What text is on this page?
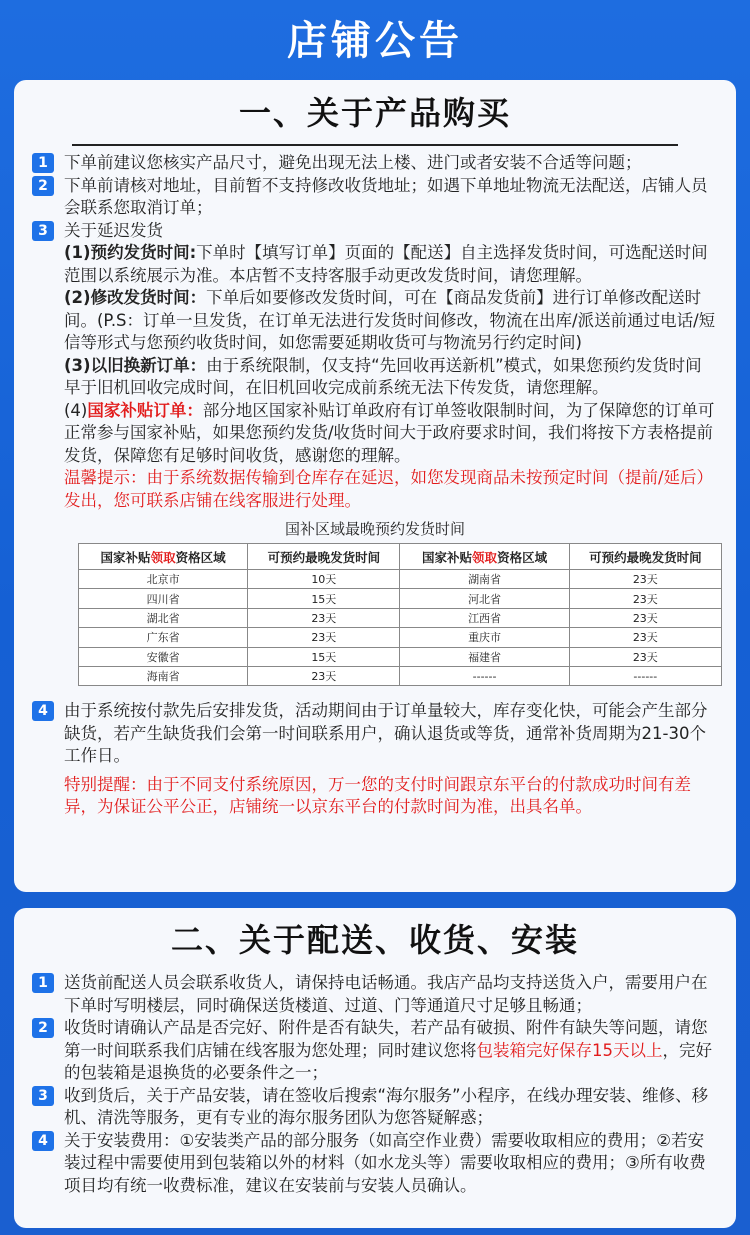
店铺公告
一、关于产品购买
1 下单前建议您核实产品尺寸，避免出现无法上楼、进门或者安装不合适等问题；
2 下单前请核对地址，目前暂不支持修改收货地址；如遇下单地址物流无法配送，店铺人员会联系您取消订单；
3 关于延迟发货
(1)预约发货时间:下单时【填写订单】页面的【配送】自主选择发货时间，可选配送时间范围以系统展示为准。本店暂不支持客服手动更改发货时间，请您理解。
(2)修改发货时间：下单后如要修改发货时间，可在【商品发货前】进行订单修改配送时间。(P.S：订单一旦发货，在订单无法进行发货时间修改，物流在出库/派送前通过电话/短信等形式与您预约收货时间，如您需要延期收货可与物流另行约定时间)
(3)以旧换新订单：由于系统限制，仅支持“先回收再送新机”模式，如果您预约发货时间早于旧机回收完成时间，在旧机回收完成前系统无法下传发货，请您理解。
(4)国家补贴订单：部分地区国家补贴订单政府有订单签收限制时间，为了保障您的订单可正常参与国家补贴，如果您预约发货/收货时间大于政府要求时间，我们将按下方表格提前发货，保障您有足够时间收货，感谢您的理解。
温馨提示：由于系统数据传输到仓库存在延迟，如您发现商品未按预定时间（提前/延后）发出，您可联系店铺在线客服进行处理。
国补区域最晚预约发货时间
国家补贴领取资格区域	可预约最晚发货时间	国家补贴领取资格区域	可预约最晚发货时间
北京市	10天	湖南省	23天
四川省	15天	河北省	23天
湖北省	23天	江西省	23天
广东省	23天	重庆市	23天
安徽省	15天	福建省	23天
海南省	23天	------	------
4 由于系统按付款先后安排发货，活动期间由于订单量较大，库存变化快，可能会产生部分缺货，若产生缺货我们会第一时间联系用户，确认退货或等货，通常补货周期为21-30个工作日。
特别提醒：由于不同支付系统原因，万一您的支付时间跟京东平台的付款成功时间有差异，为保证公平公正，店铺统一以京东平台的付款时间为准，出具名单。
二、关于配送、收货、安装
1 送货前配送人员会联系收货人，请保持电话畅通。我店产品均支持送货入户，需要用户在下单时写明楼层，同时确保送货楼道、过道、门等通道尺寸足够且畅通；
2 收货时请确认产品是否完好、附件是否有缺失，若产品有破损、附件有缺失等问题，请您第一时间联系我们店铺在线客服为您处理；同时建议您将包装箱完好保存15天以上，完好的包装箱是退换货的必要条件之一；
3 收到货后，关于产品安装，请在签收后搜索“海尔服务”小程序，在线办理安装、维修、移机、清洗等服务，更有专业的海尔服务团队为您答疑解惑；
4 关于安装费用：①安装类产品的部分服务（如高空作业费）需要收取相应的费用；②若安装过程中需要使用到包装箱以外的材料（如水龙头等）需要收取相应的费用；③所有收费项目均有统一收费标准，建议在安装前与安装人员确认。
